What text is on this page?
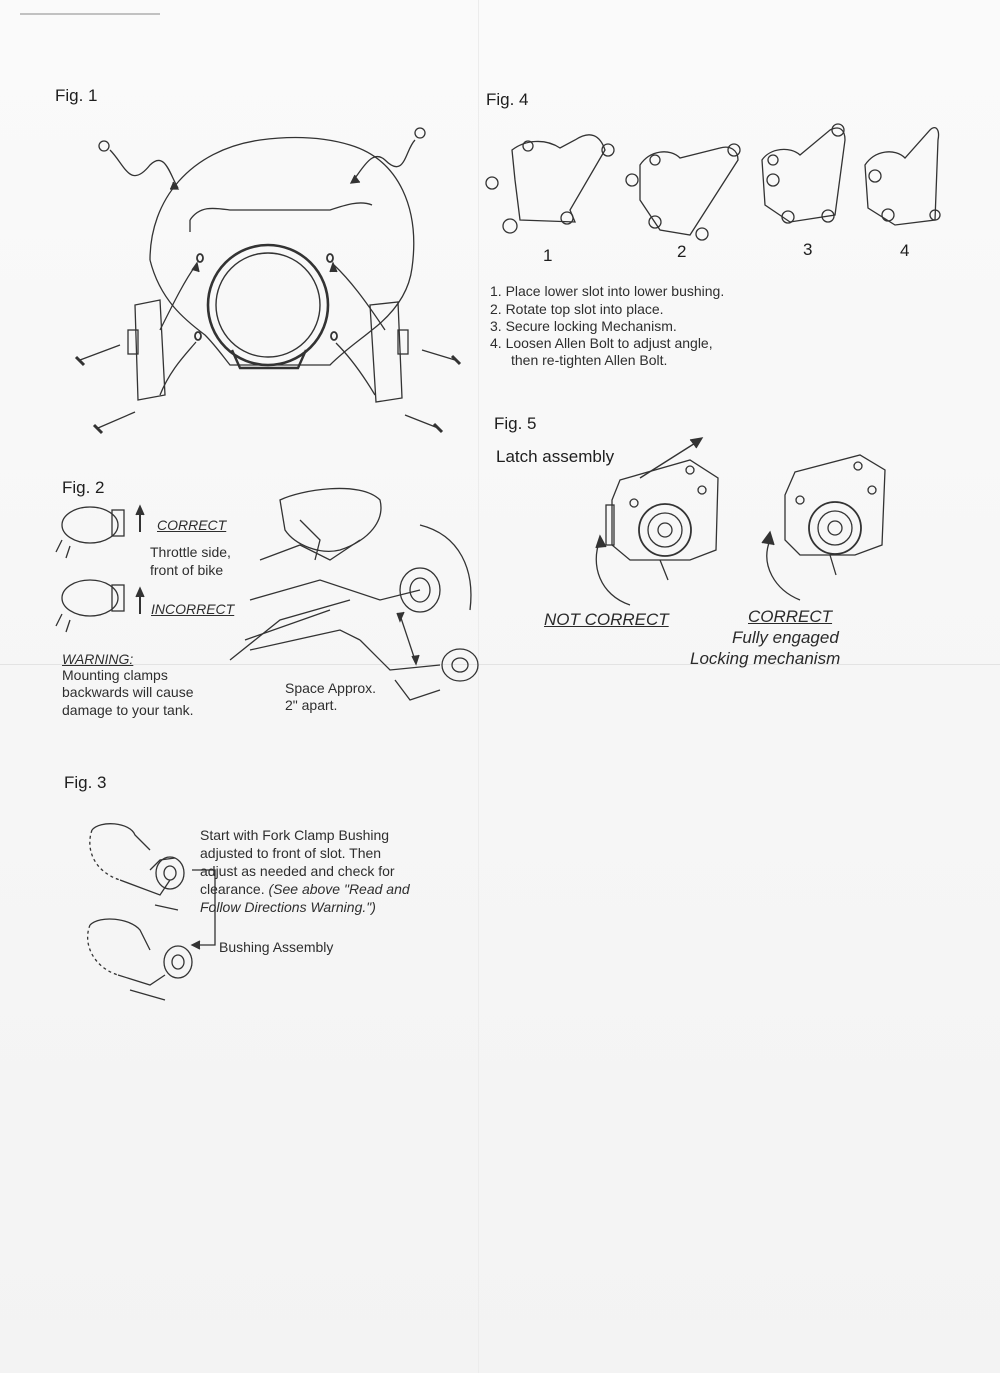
Fig. 1
Fig. 2
CORRECT
Throttle side,
front of bike
INCORRECT
WARNING:
Mounting clamps
backwards will cause
damage to your tank.
Space Approx.
2" apart.
Fig. 3
Start with Fork Clamp Bushing
adjusted to front of slot. Then
adjust as needed and check for
clearance. (See above "Read and
Follow Directions Warning.")
Bushing Assembly
Fig. 4
1	2	3	4
1. Place lower slot into lower bushing.
2. Rotate top slot into place.
3. Secure locking Mechanism.
4. Loosen Allen Bolt to adjust angle,
then re-tighten Allen Bolt.
Fig. 5
Latch assembly
NOT CORRECT	CORRECT
Fully engaged
Locking mechanism
